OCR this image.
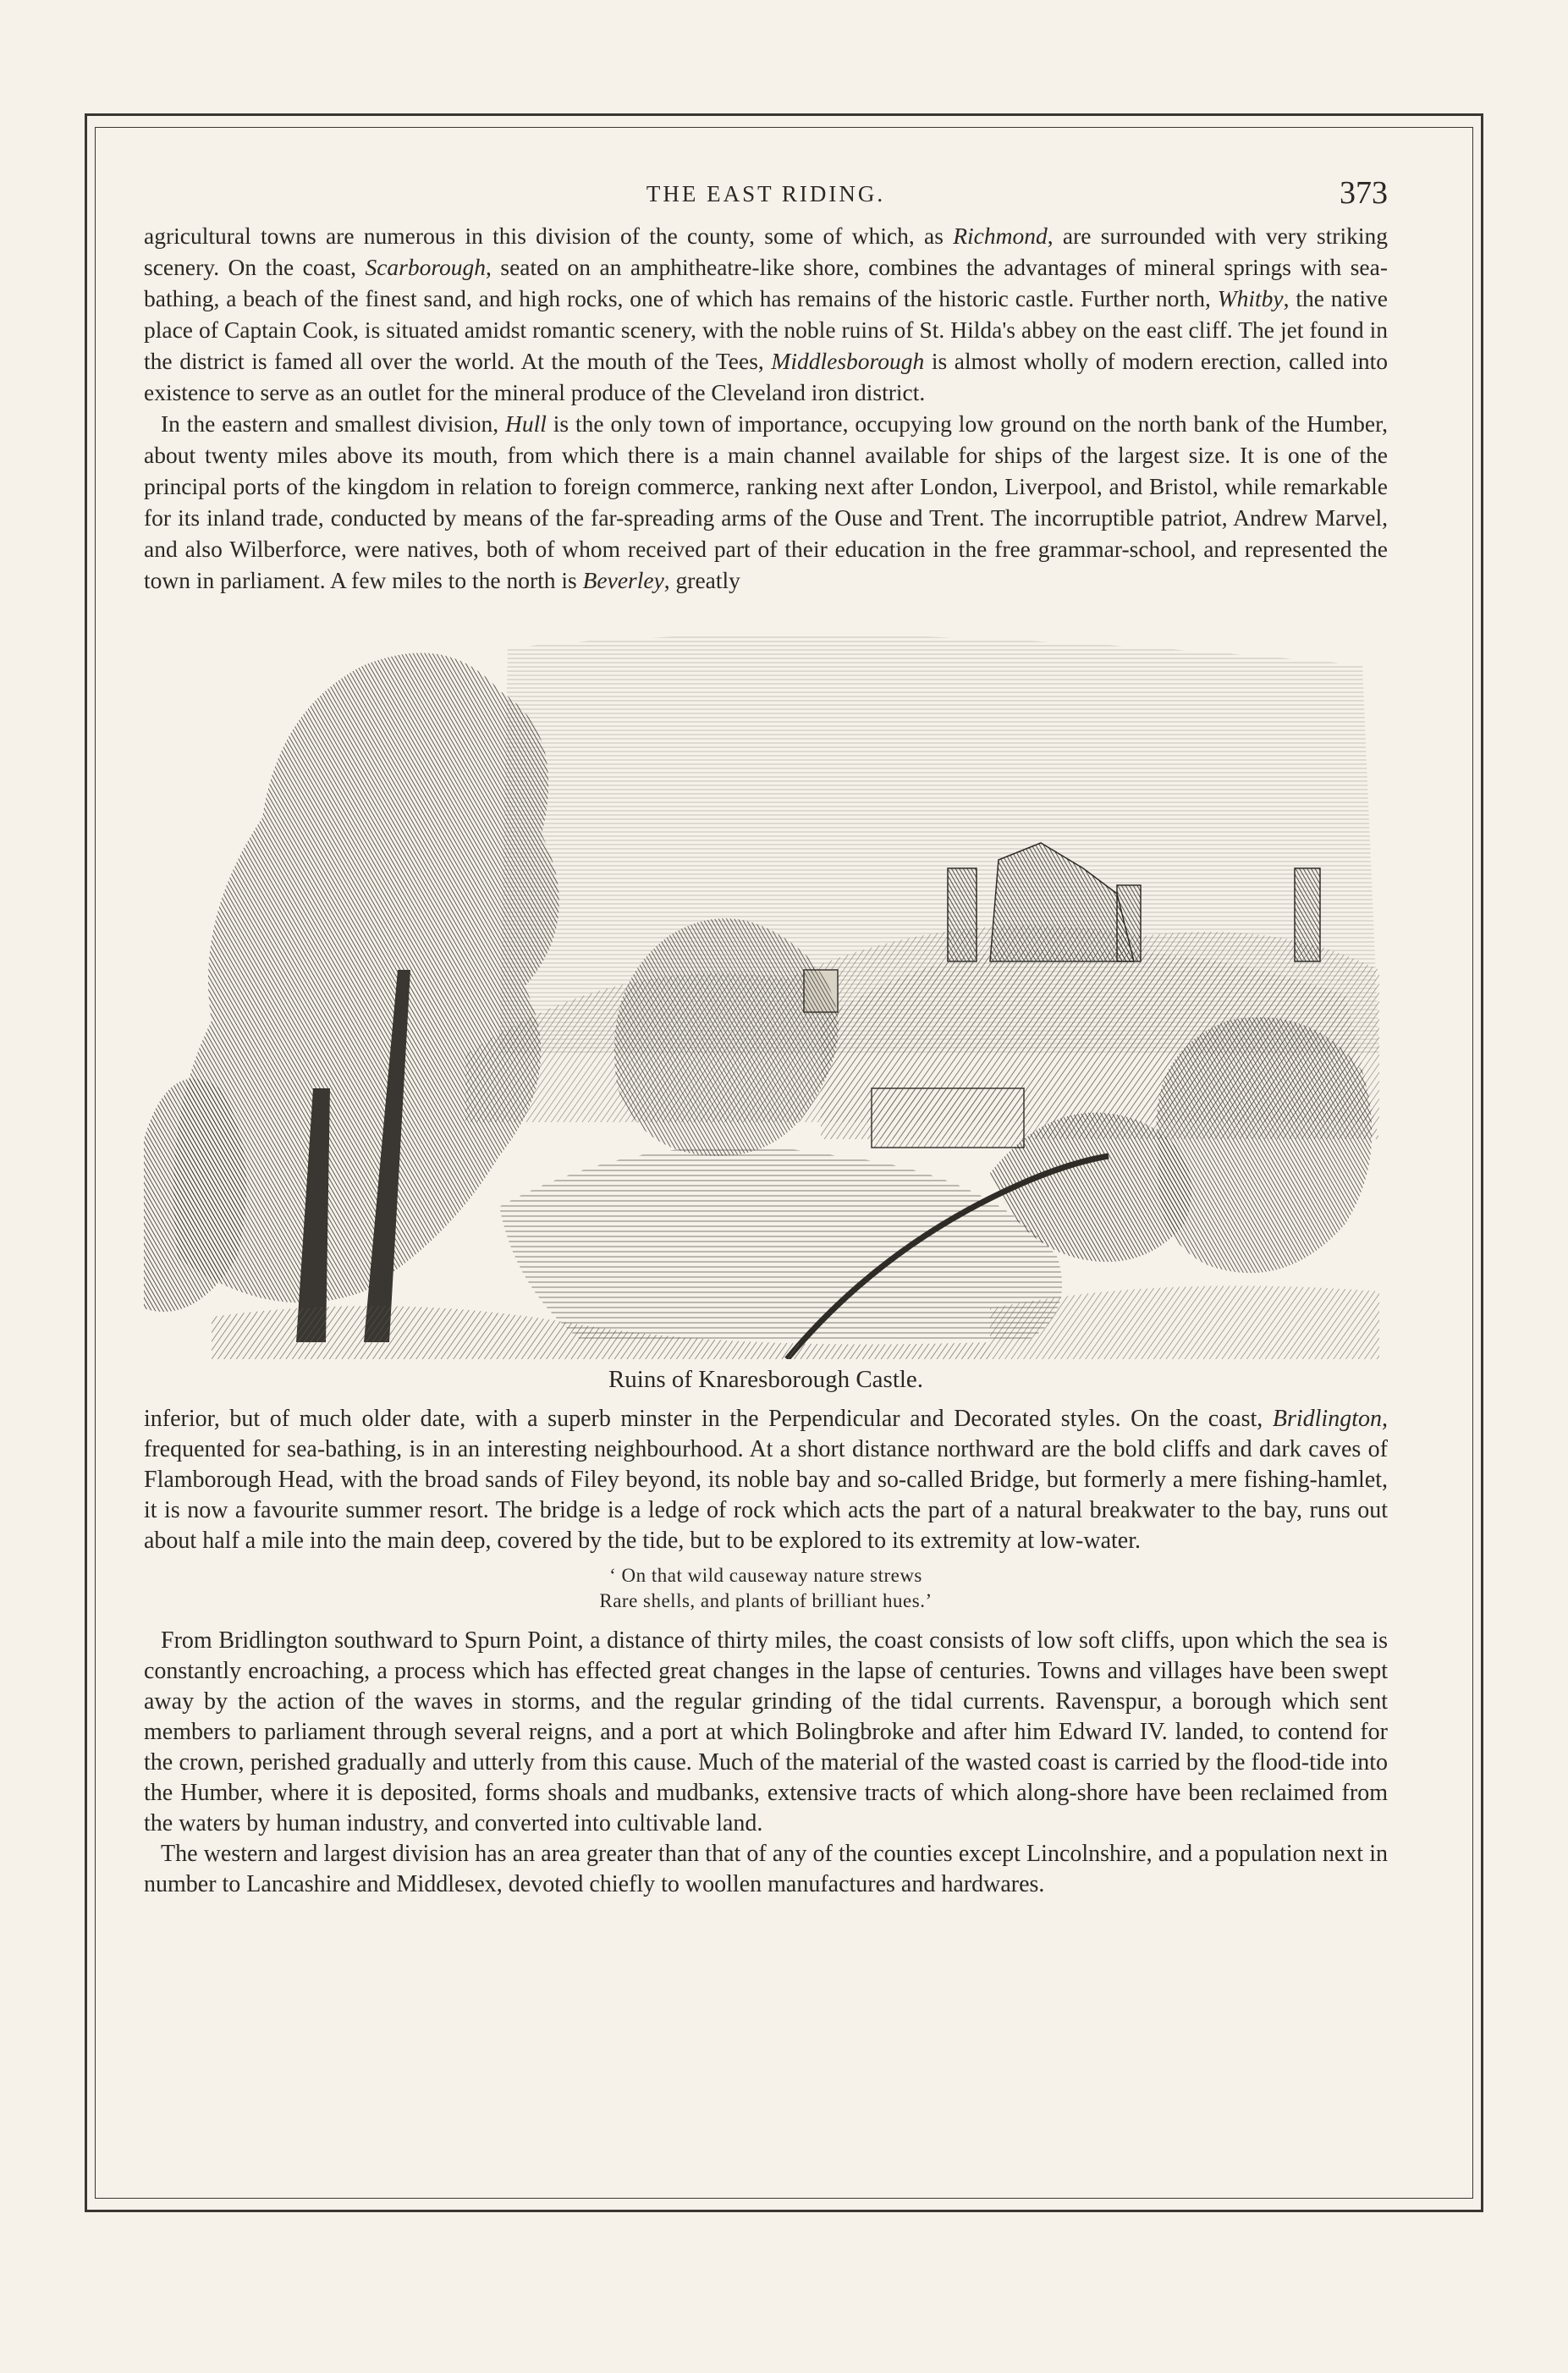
THE EAST RIDING.	373

agricultural towns are numerous in this division of the county, some of which, as Richmond, are surrounded with very striking scenery. On the coast, Scarborough, seated on an amphitheatre-like shore, combines the advantages of mineral springs with sea-bathing, a beach of the finest sand, and high rocks, one of which has remains of the historic castle. Further north, Whitby, the native place of Captain Cook, is situated amidst romantic scenery, with the noble ruins of St. Hilda's abbey on the east cliff. The jet found in the district is famed all over the world. At the mouth of the Tees, Middlesborough is almost wholly of modern erection, called into existence to serve as an outlet for the mineral produce of the Cleveland iron district.

In the eastern and smallest division, Hull is the only town of importance, occupying low ground on the north bank of the Humber, about twenty miles above its mouth, from which there is a main channel available for ships of the largest size. It is one of the principal ports of the kingdom in relation to foreign commerce, ranking next after London, Liverpool, and Bristol, while remarkable for its inland trade, conducted by means of the far-spreading arms of the Ouse and Trent. The incorruptible patriot, Andrew Marvel, and also Wilberforce, were natives, both of whom received part of their education in the free grammar-school, and represented the town in parliament. A few miles to the north is Beverley, greatly

Ruins of Knaresborough Castle.

inferior, but of much older date, with a superb minster in the Perpendicular and Decorated styles. On the coast, Bridlington, frequented for sea-bathing, is in an interesting neighbourhood. At a short distance northward are the bold cliffs and dark caves of Flamborough Head, with the broad sands of Filey beyond, its noble bay and so-called Bridge, but formerly a mere fishing-hamlet, it is now a favourite summer resort. The bridge is a ledge of rock which acts the part of a natural breakwater to the bay, runs out about half a mile into the main deep, covered by the tide, but to be explored to its extremity at low-water.

‘ On that wild causeway nature strews
Rare shells, and plants of brilliant hues.’

From Bridlington southward to Spurn Point, a distance of thirty miles, the coast consists of low soft cliffs, upon which the sea is constantly encroaching, a process which has effected great changes in the lapse of centuries. Towns and villages have been swept away by the action of the waves in storms, and the regular grinding of the tidal currents. Ravenspur, a borough which sent members to parliament through several reigns, and a port at which Bolingbroke and after him Edward IV. landed, to contend for the crown, perished gradually and utterly from this cause. Much of the material of the wasted coast is carried by the flood-tide into the Humber, where it is deposited, forms shoals and mudbanks, extensive tracts of which along-shore have been reclaimed from the waters by human industry, and converted into cultivable land.

The western and largest division has an area greater than that of any of the counties except Lincolnshire, and a population next in number to Lancashire and Middlesex, devoted chiefly to woollen manufactures and hardwares.
